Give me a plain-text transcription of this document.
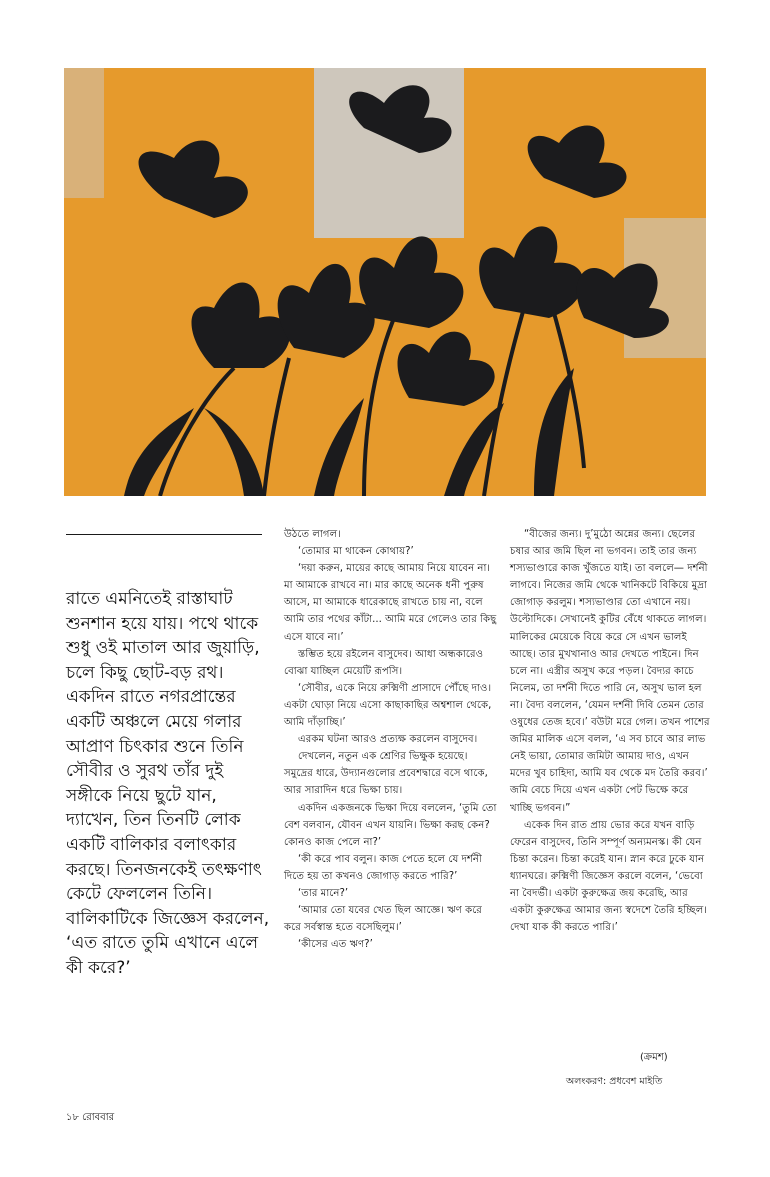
রাতে এমনিতেই রাস্তাঘাট শুনশান হয়ে যায়। পথে থাকে শুধু ওই মাতাল আর জুয়াড়ি, চলে কিছু ছোট-বড় রথ। একদিন রাতে নগরপ্রান্তের একটি অঞ্চলে মেয়ে গলার আপ্রাণ চিৎকার শুনে তিনি সৌবীর ও সুরথ তাঁর দুই সঙ্গীকে নিয়ে ছুটে যান, দ্যাখেন, তিন তিনটি লোক একটি বালিকার বলাৎকার করছে। তিনজনকেই তৎক্ষণাৎ কেটে ফেললেন তিনি। বালিকাটিকে জিজ্ঞেস করলেন, ‘এত রাতে তুমি এখানে এলে কী করে?’

উঠতে লাগল।

‘তোমার মা থাকেন কোথায়?’

‘দয়া করুন, মায়ের কাছে আমায় নিয়ে যাবেন না। মা আমাকে রাখবে না। মার কাছে অনেক ধনী পুরুষ আসে, মা আমাকে ধারেকাছে রাখতে চায় না, বলে আমি তার পথের কাঁটা... আমি মরে গেলেও তার কিছু এসে যাবে না।’

স্তম্ভিত হয়ে রইলেন বাসুদেব। আধা অন্ধকারেও বোঝা যাচ্ছিল মেয়েটি রূপসি।

‘সৌবীর, একে নিয়ে রুক্মিণী প্রাসাদে পৌঁছে দাও। একটা ঘোড়া নিয়ে এসো কাছাকাছির অশ্বশাল থেকে, আমি দাঁড়াচ্ছি।’

এরকম ঘটনা আরও প্রত্যক্ষ করলেন বাসুদেব।

দেখলেন, নতুন এক শ্রেণির ভিক্ষুক হয়েছে। সমুদ্রের ধারে, উদ্যানগুলোর প্রবেশদ্বারে বসে থাকে, আর সারাদিন ধরে ভিক্ষা চায়।

একদিন একজনকে ভিক্ষা দিয়ে বললেন, ‘তুমি তো বেশ বলবান, যৌবন এখন যায়নি। ভিক্ষা করছ কেন? কোনও কাজ পেলে না?’

‘কী করে পাব বলুন। কাজ পেতে হলে যে দর্শনী দিতে হয় তা কখনও জোগাড় করতে পারি?’

‘তার মানে?’

‘আমার তো যবের খেত ছিল আজ্ঞে। ঋণ করে করে সর্বস্বান্ত হতে বসেছিলুম।’

‘কীসের এত ঋণ?’

“বীজের জন্য। দু’মুঠো অন্নের জন্য। ছেলের চষার আর জমি ছিল না ভগবন। তাই তার জন্য শস্যভাণ্ডারে কাজ খুঁজতে যাই। তা বললে— দর্শনী লাগবে। নিজের জমি থেকে খানিকটে বিকিয়ে মুদ্রা জোগাড় করলুম। শস্যভাণ্ডার তো এখানে নয়। উল্টোদিকে। সেখানেই কুটির বেঁধে থাকতে লাগল। মালিকের মেয়েকে বিয়ে করে সে এখন ভালই আছে। তার মুখখানাও আর দেখতে পাইনে। দিন চলে না। এস্ত্রীর অসুখ করে পড়ল। বৈদ্যর কাচে নিলেম, তা দর্শনী দিতে পারি নে, অসুখ ভাল হল না। বৈদ্য বললেন, ‘যেমন দর্শনী দিবি তেমন তোর ওষুধের তেজ হবে।’ বউটা মরে গেল। তখন পাশের জমির মালিক এসে বলল, ‘এ সব চাবে আর লাভ নেই ভায়া, তোমার জমিটা আমায় দাও, এখন মদের খুব চাহিদা, আমি যব থেকে মদ তৈরি করব।’ জমি বেচে দিয়ে এখন একটা পেট ভিক্ষে করে খাচ্ছি ভগবন।”

একেক দিন রাত প্রায় ভোর করে যখন বাড়ি ফেরেন বাসুদেব, তিনি সম্পূর্ণ অন্যমনস্ক। কী যেন চিন্তা করেন। চিন্তা করেই যান। স্নান করে ঢুকে যান ধ্যানঘরে। রুক্মিণী জিজ্ঞেস করলে বলেন, ‘ভেবো না বৈদর্ভী। একটা কুরুক্ষেত্র জয় করেছি, আর একটা কুরুক্ষেত্র আমার জন্য স্বদেশে তৈরি হচ্ছিল। দেখা যাক কী করতে পারি।’

(ক্রমশ)
অলংকরণ: প্রধবেশ মাইতি
১৮ রোববার
